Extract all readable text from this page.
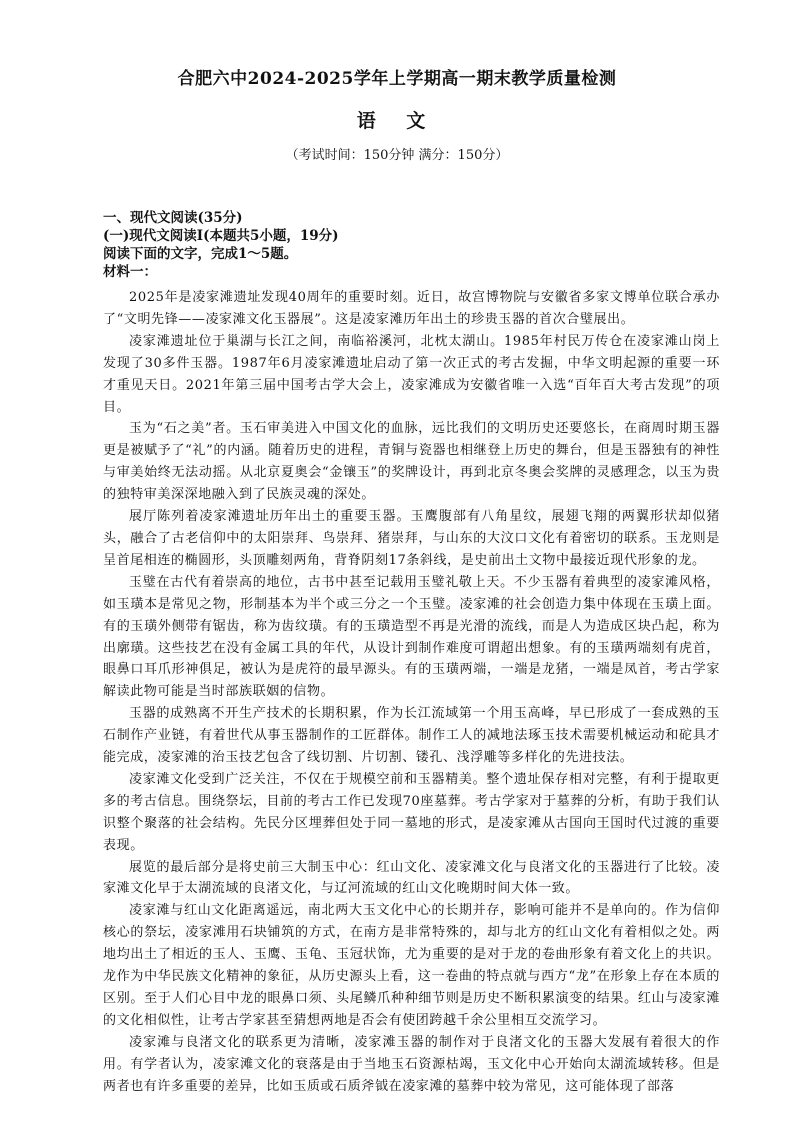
合肥六中2024-2025学年上学期高一期末教学质量检测
语 文
（考试时间：150分钟 满分：150分）

一、现代文阅读(35分)

(一)现代文阅读Ⅰ(本题共5小题，19分)

阅读下面的文字，完成1～5题。

材料一：

2025年是凌家滩遗址发现40周年的重要时刻。近日，故宫博物院与安徽省多家文博单位联合承办了“文明先锋——凌家滩文化玉器展”。这是凌家滩历年出土的珍贵玉器的首次合璧展出。

凌家滩遗址位于巢湖与长江之间，南临裕溪河，北枕太湖山。1985年村民万传仓在凌家滩山岗上发现了30多件玉器。1987年6月凌家滩遗址启动了第一次正式的考古发掘，中华文明起源的重要一环才重见天日。2021年第三届中国考古学大会上，凌家滩成为安徽省唯一入选“百年百大考古发现”的项目。

玉为“石之美”者。玉石审美进入中国文化的血脉，远比我们的文明历史还要悠长，在商周时期玉器更是被赋予了“礼”的内涵。随着历史的进程，青铜与瓷器也相继登上历史的舞台，但是玉器独有的神性与审美始终无法动摇。从北京夏奥会“金镶玉”的奖牌设计，再到北京冬奥会奖牌的灵感理念，以玉为贵的独特审美深深地融入到了民族灵魂的深处。

展厅陈列着凌家滩遗址历年出土的重要玉器。玉鹰腹部有八角星纹，展翅飞翔的两翼形状却似猪头，融合了古老信仰中的太阳崇拜、鸟崇拜、猪崇拜，与山东的大汶口文化有着密切的联系。玉龙则是呈首尾相连的椭圆形，头顶雕刻两角，背脊阴刻17条斜线，是史前出土文物中最接近现代形象的龙。

玉璧在古代有着崇高的地位，古书中甚至记载用玉璧礼敬上天。不少玉器有着典型的凌家滩风格，如玉璜本是常见之物，形制基本为半个或三分之一个玉璧。凌家滩的社会创造力集中体现在玉璜上面。有的玉璜外侧带有锯齿，称为齿纹璜。有的玉璜造型不再是光滑的流线，而是人为造成区块凸起，称为出廓璜。这些技艺在没有金属工具的年代，从设计到制作难度可谓超出想象。有的玉璜两端刻有虎首，眼鼻口耳爪形神俱足，被认为是虎符的最早源头。有的玉璜两端，一端是龙猪，一端是凤首，考古学家解读此物可能是当时部族联姻的信物。

玉器的成熟离不开生产技术的长期积累，作为长江流域第一个用玉高峰，早已形成了一套成熟的玉石制作产业链，有着世代从事玉器制作的工匠群体。制作工人的减地法琢玉技术需要机械运动和砣具才能完成，凌家滩的治玉技艺包含了线切割、片切割、镂孔、浅浮雕等多样化的先进技法。

凌家滩文化受到广泛关注，不仅在于规模空前和玉器精美。整个遗址保存相对完整，有利于提取更多的考古信息。围绕祭坛，目前的考古工作已发现70座墓葬。考古学家对于墓葬的分析，有助于我们认识整个聚落的社会结构。先民分区埋葬但处于同一墓地的形式，是凌家滩从古国向王国时代过渡的重要表现。

展览的最后部分是将史前三大制玉中心：红山文化、凌家滩文化与良渚文化的玉器进行了比较。凌家滩文化早于太湖流域的良渚文化，与辽河流域的红山文化晚期时间大体一致。

凌家滩与红山文化距离遥远，南北两大玉文化中心的长期并存，影响可能并不是单向的。作为信仰核心的祭坛，凌家滩用石块铺筑的方式，在南方是非常特殊的，却与北方的红山文化有着相似之处。两地均出土了相近的玉人、玉鹰、玉龟、玉冠状饰，尤为重要的是对于龙的卷曲形象有着文化上的共识。龙作为中华民族文化精神的象征，从历史源头上看，这一卷曲的特点就与西方“龙”在形象上存在本质的区别。至于人们心目中龙的眼鼻口须、头尾鳞爪种种细节则是历史不断积累演变的结果。红山与凌家滩的文化相似性，让考古学家甚至猜想两地是否会有使团跨越千余公里相互交流学习。

凌家滩与良渚文化的联系更为清晰，凌家滩玉器的制作对于良渚文化的玉器大发展有着很大的作用。有学者认为，凌家滩文化的衰落是由于当地玉石资源枯竭，玉文化中心开始向太湖流域转移。但是两者也有许多重要的差异，比如玉质或石质斧钺在凌家滩的墓葬中较为常见，这可能体现了部落
